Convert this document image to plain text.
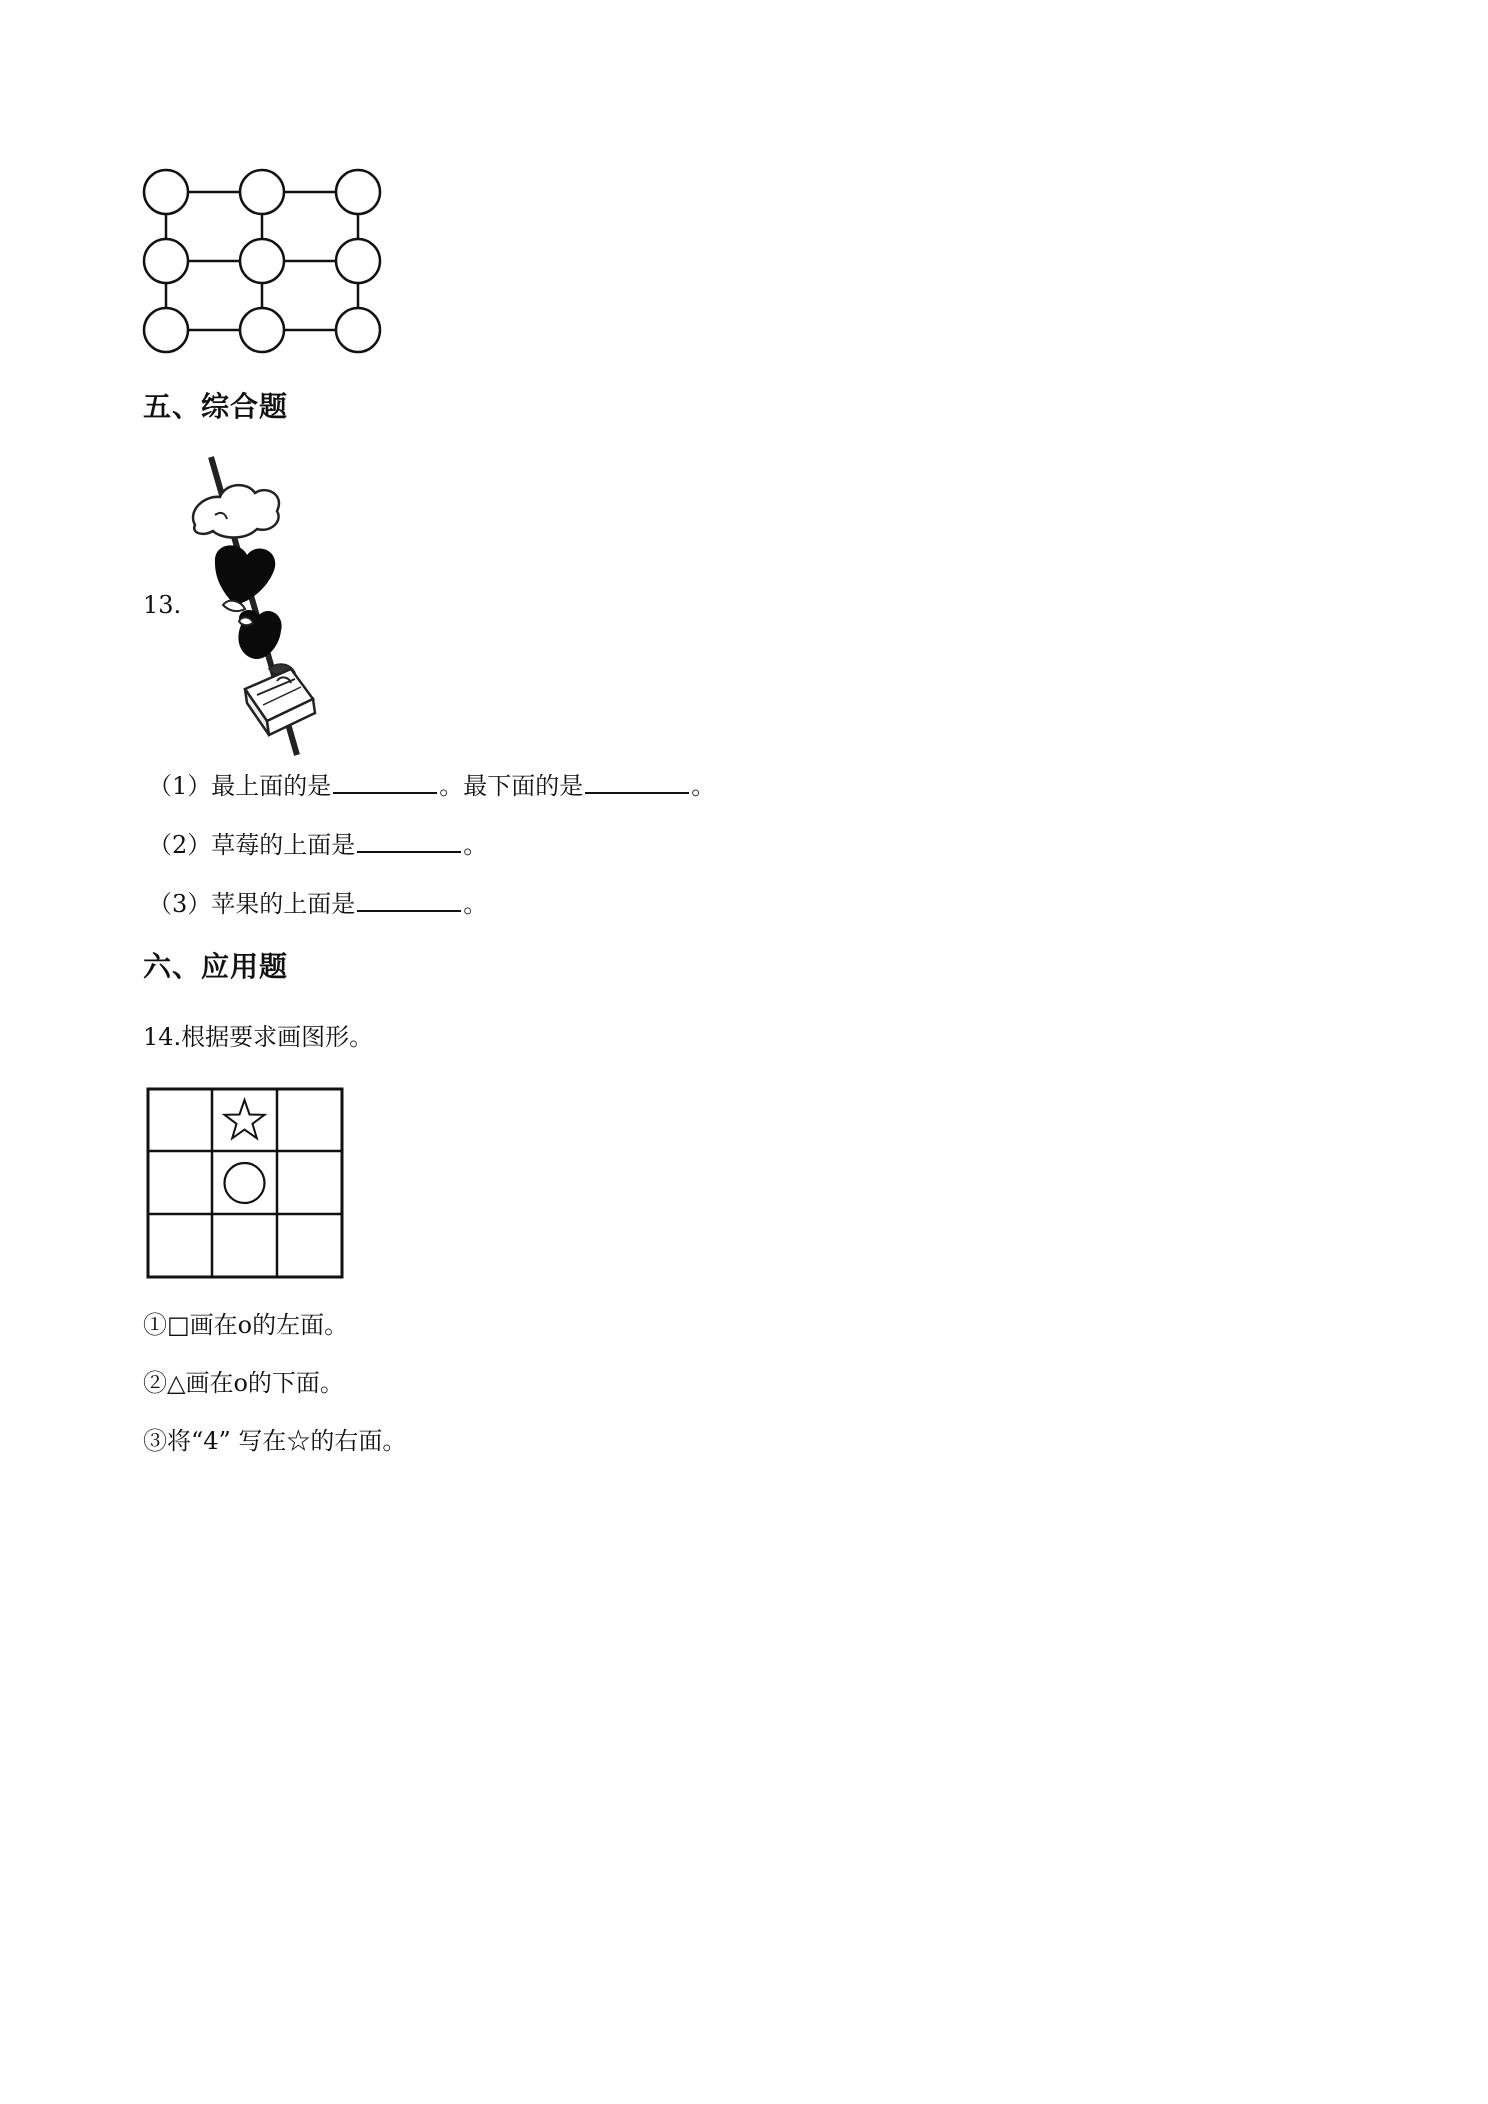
五、综合题
13.
（1）最上面的是	。最下面的是	。
（2）草莓的上面是	。
（3）苹果的上面是	。
六、应用题
14.根据要求画图形。
①□画在o的左面。
②△画在o的下面。
③将“4” 写在☆的右面。
